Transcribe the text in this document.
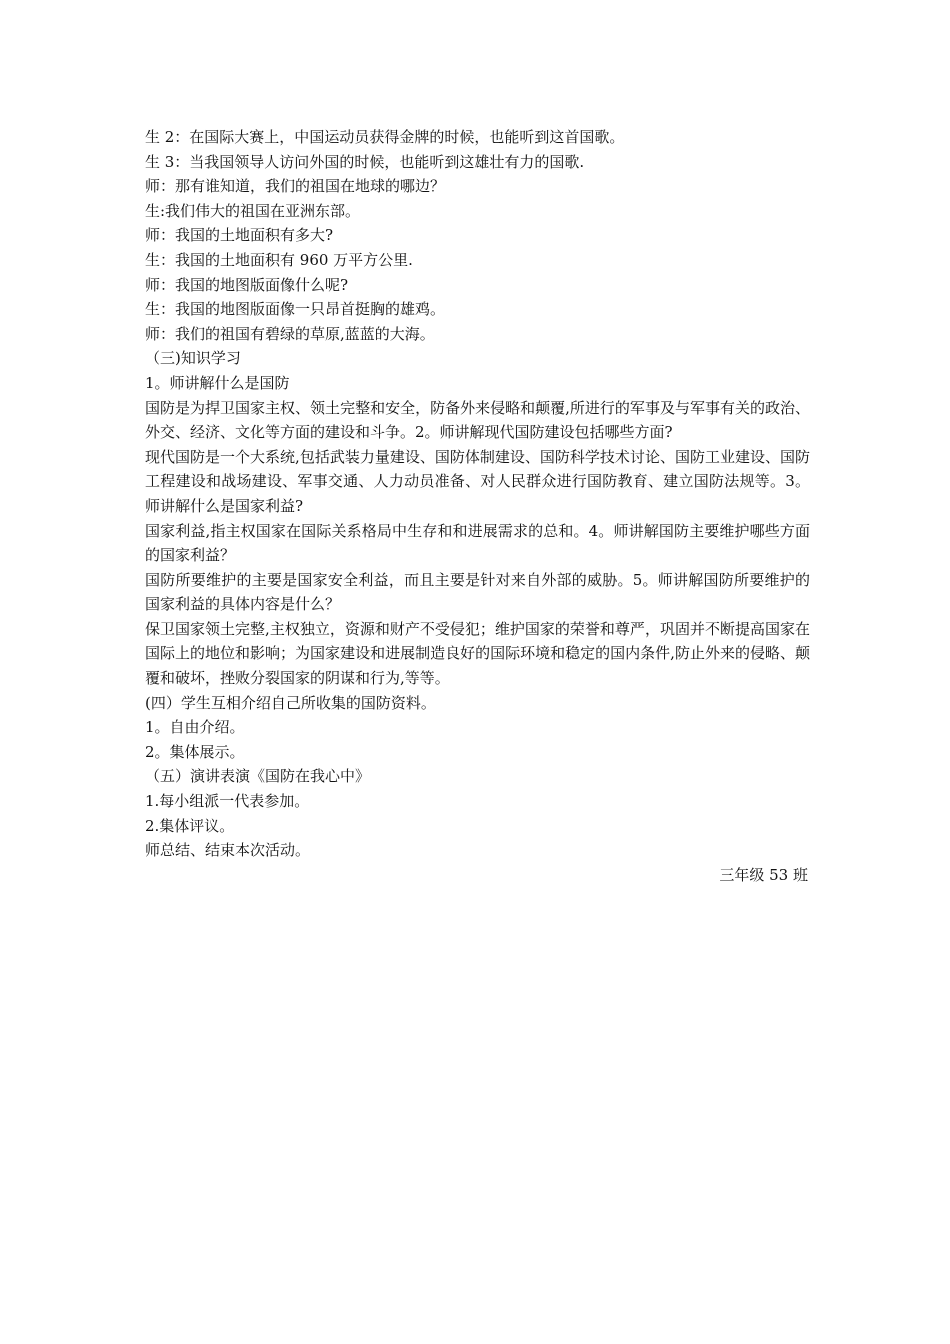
生 2：在国际大赛上，中国运动员获得金牌的时候，也能听到这首国歌。

生 3：当我国领导人访问外国的时候，也能听到这雄壮有力的国歌.

师：那有谁知道，我们的祖国在地球的哪边？

生:我们伟大的祖国在亚洲东部。

师：我国的土地面积有多大?

生：我国的土地面积有 960 万平方公里.

师：我国的地图版面像什么呢?

生：我国的地图版面像一只昂首挺胸的雄鸡。

师：我们的祖国有碧绿的草原,蓝蓝的大海。

（三)知识学习

1。师讲解什么是国防

国防是为捍卫国家主权、领土完整和安全，防备外来侵略和颠覆,所进行的军事及与军事有关的政治、外交、经济、文化等方面的建设和斗争。2。师讲解现代国防建设包括哪些方面?

现代国防是一个大系统,包括武装力量建设、国防体制建设、国防科学技术讨论、国防工业建设、国防工程建设和战场建设、军事交通、人力动员准备、对人民群众进行国防教育、建立国防法规等。3。师讲解什么是国家利益?

国家利益,指主权国家在国际关系格局中生存和和进展需求的总和。4。师讲解国防主要维护哪些方面的国家利益？

国防所要维护的主要是国家安全利益，而且主要是针对来自外部的威胁。5。师讲解国防所要维护的国家利益的具体内容是什么？

保卫国家领土完整,主权独立，资源和财产不受侵犯；维护国家的荣誉和尊严，巩固并不断提高国家在国际上的地位和影响；为国家建设和进展制造良好的国际环境和稳定的国内条件,防止外来的侵略、颠覆和破坏，挫败分裂国家的阴谋和行为,等等。

(四）学生互相介绍自己所收集的国防资料。

1。自由介绍。

2。集体展示。

（五）演讲表演《国防在我心中》

1.每小组派一代表参加。

2.集体评议。

师总结、结束本次活动。

三年级 53 班
